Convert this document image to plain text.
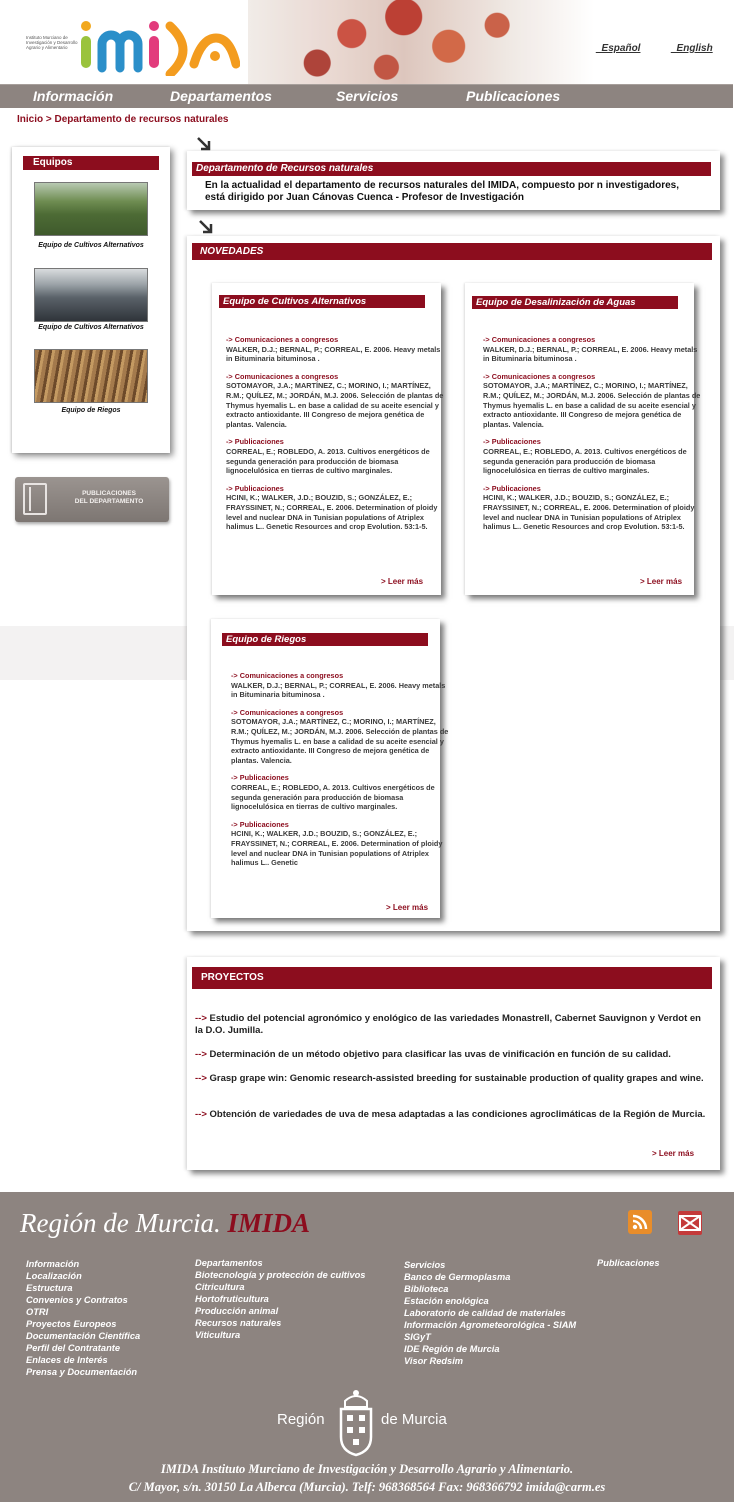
Instituto Murciano de Investigación y Desarrollo Agrario y Alimentario	_Español	_English
Información	Departamentos	Servicios	Publicaciones
Inicio > Departamento de recursos naturales
Equipos
Equipo de Cultivos Alternativos
Equipo de Cultivos Alternativos
Equipo de Riegos
PUBLICACIONES
DEL DEPARTAMENTO
Departamento de Recursos naturales
En la actualidad el departamento de recursos naturales del IMIDA, compuesto por n investigadores, está dirigido por Juan Cánovas Cuenca - Profesor de Investigación
NOVEDADES
Equipo de Cultivos Alternativos
-> Comunicaciones a congresos
WALKER, D.J.; BERNAL, P.; CORREAL, E. 2006. Heavy metals in Bituminaria bituminosa .
-> Comunicaciones a congresos
SOTOMAYOR, J.A.; MARTÍNEZ, C.; MORINO, I.; MARTÍNEZ, R.M.; QUÍLEZ, M.; JORDÁN, M.J. 2006. Selección de plantas de Thymus hyemalis L. en base a calidad de su aceite esencial y extracto antioxidante. III Congreso de mejora genética de plantas. Valencia.
-> Publicaciones
CORREAL, E.; ROBLEDO, A. 2013. Cultivos energéticos de segunda generación para producción de biomasa lignocelulósica en tierras de cultivo marginales.
-> Publicaciones
HCINI, K.; WALKER, J.D.; BOUZID, S.; GONZÁLEZ, E.; FRAYSSINET, N.; CORREAL, E. 2006. Determination of ploidy level and nuclear DNA in Tunisian populations of Atriplex halimus L.. Genetic Resources and crop Evolution. 53:1-5.
> Leer más
Equipo de Desalinización de Aguas
-> Comunicaciones a congresos
WALKER, D.J.; BERNAL, P.; CORREAL, E. 2006. Heavy metals in Bituminaria bituminosa .
-> Comunicaciones a congresos
SOTOMAYOR, J.A.; MARTÍNEZ, C.; MORINO, I.; MARTÍNEZ, R.M.; QUÍLEZ, M.; JORDÁN, M.J. 2006. Selección de plantas de Thymus hyemalis L. en base a calidad de su aceite esencial y extracto antioxidante. III Congreso de mejora genética de plantas. Valencia.
-> Publicaciones
CORREAL, E.; ROBLEDO, A. 2013. Cultivos energéticos de segunda generación para producción de biomasa lignocelulósica en tierras de cultivo marginales.
-> Publicaciones
HCINI, K.; WALKER, J.D.; BOUZID, S.; GONZÁLEZ, E.; FRAYSSINET, N.; CORREAL, E. 2006. Determination of ploidy level and nuclear DNA in Tunisian populations of Atriplex halimus L.. Genetic Resources and crop Evolution. 53:1-5.
> Leer más
Equipo de Riegos
-> Comunicaciones a congresos
WALKER, D.J.; BERNAL, P.; CORREAL, E. 2006. Heavy metals in Bituminaria bituminosa .
-> Comunicaciones a congresos
SOTOMAYOR, J.A.; MARTÍNEZ, C.; MORINO, I.; MARTÍNEZ, R.M.; QUÍLEZ, M.; JORDÁN, M.J. 2006. Selección de plantas de Thymus hyemalis L. en base a calidad de su aceite esencial y extracto antioxidante. III Congreso de mejora genética de plantas. Valencia.
-> Publicaciones
CORREAL, E.; ROBLEDO, A. 2013. Cultivos energéticos de segunda generación para producción de biomasa lignocelulósica en tierras de cultivo marginales.
-> Publicaciones
HCINI, K.; WALKER, J.D.; BOUZID, S.; GONZÁLEZ, E.; FRAYSSINET, N.; CORREAL, E. 2006. Determination of ploidy level and nuclear DNA in Tunisian populations of Atriplex halimus L.. Genetic
> Leer más
PROYECTOS
--> Estudio del potencial agronómico y enológico de las variedades Monastrell, Cabernet Sauvignon y Verdot en la D.O. Jumilla.
--> Determinación de un método objetivo para clasificar las uvas de vinificación en función de su calidad.
--> Grasp grape win: Genomic research-assisted breeding for sustainable production of quality grapes and wine.
--> Obtención de variedades de uva de mesa adaptadas a las condiciones agroclimáticas de la Región de Murcia.
> Leer más
Región de Murcia. IMIDA
Información
Localización
Estructura
Convenios y Contratos
OTRI
Proyectos Europeos
Documentación Científica
Perfil del Contratante
Enlaces de Interés
Prensa y Documentación
Departamentos
Biotecnología y protección de cultivos
Citricultura
Hortofruticultura
Producción animal
Recursos naturales
Viticultura
Servicios
Banco de Germoplasma
Biblioteca
Estación enológica
Laboratorio de calidad de materiales
Información Agrometeorológica - SIAM
SIGyT
IDE Región de Murcia
Visor Redsim
Publicaciones
Región	de Murcia
IMIDA Instituto Murciano de Investigación y Desarrollo Agrario y Alimentario.
C/ Mayor, s/n. 30150 La Alberca (Murcia). Telf: 968368564 Fax: 968366792 imida@carm.es
